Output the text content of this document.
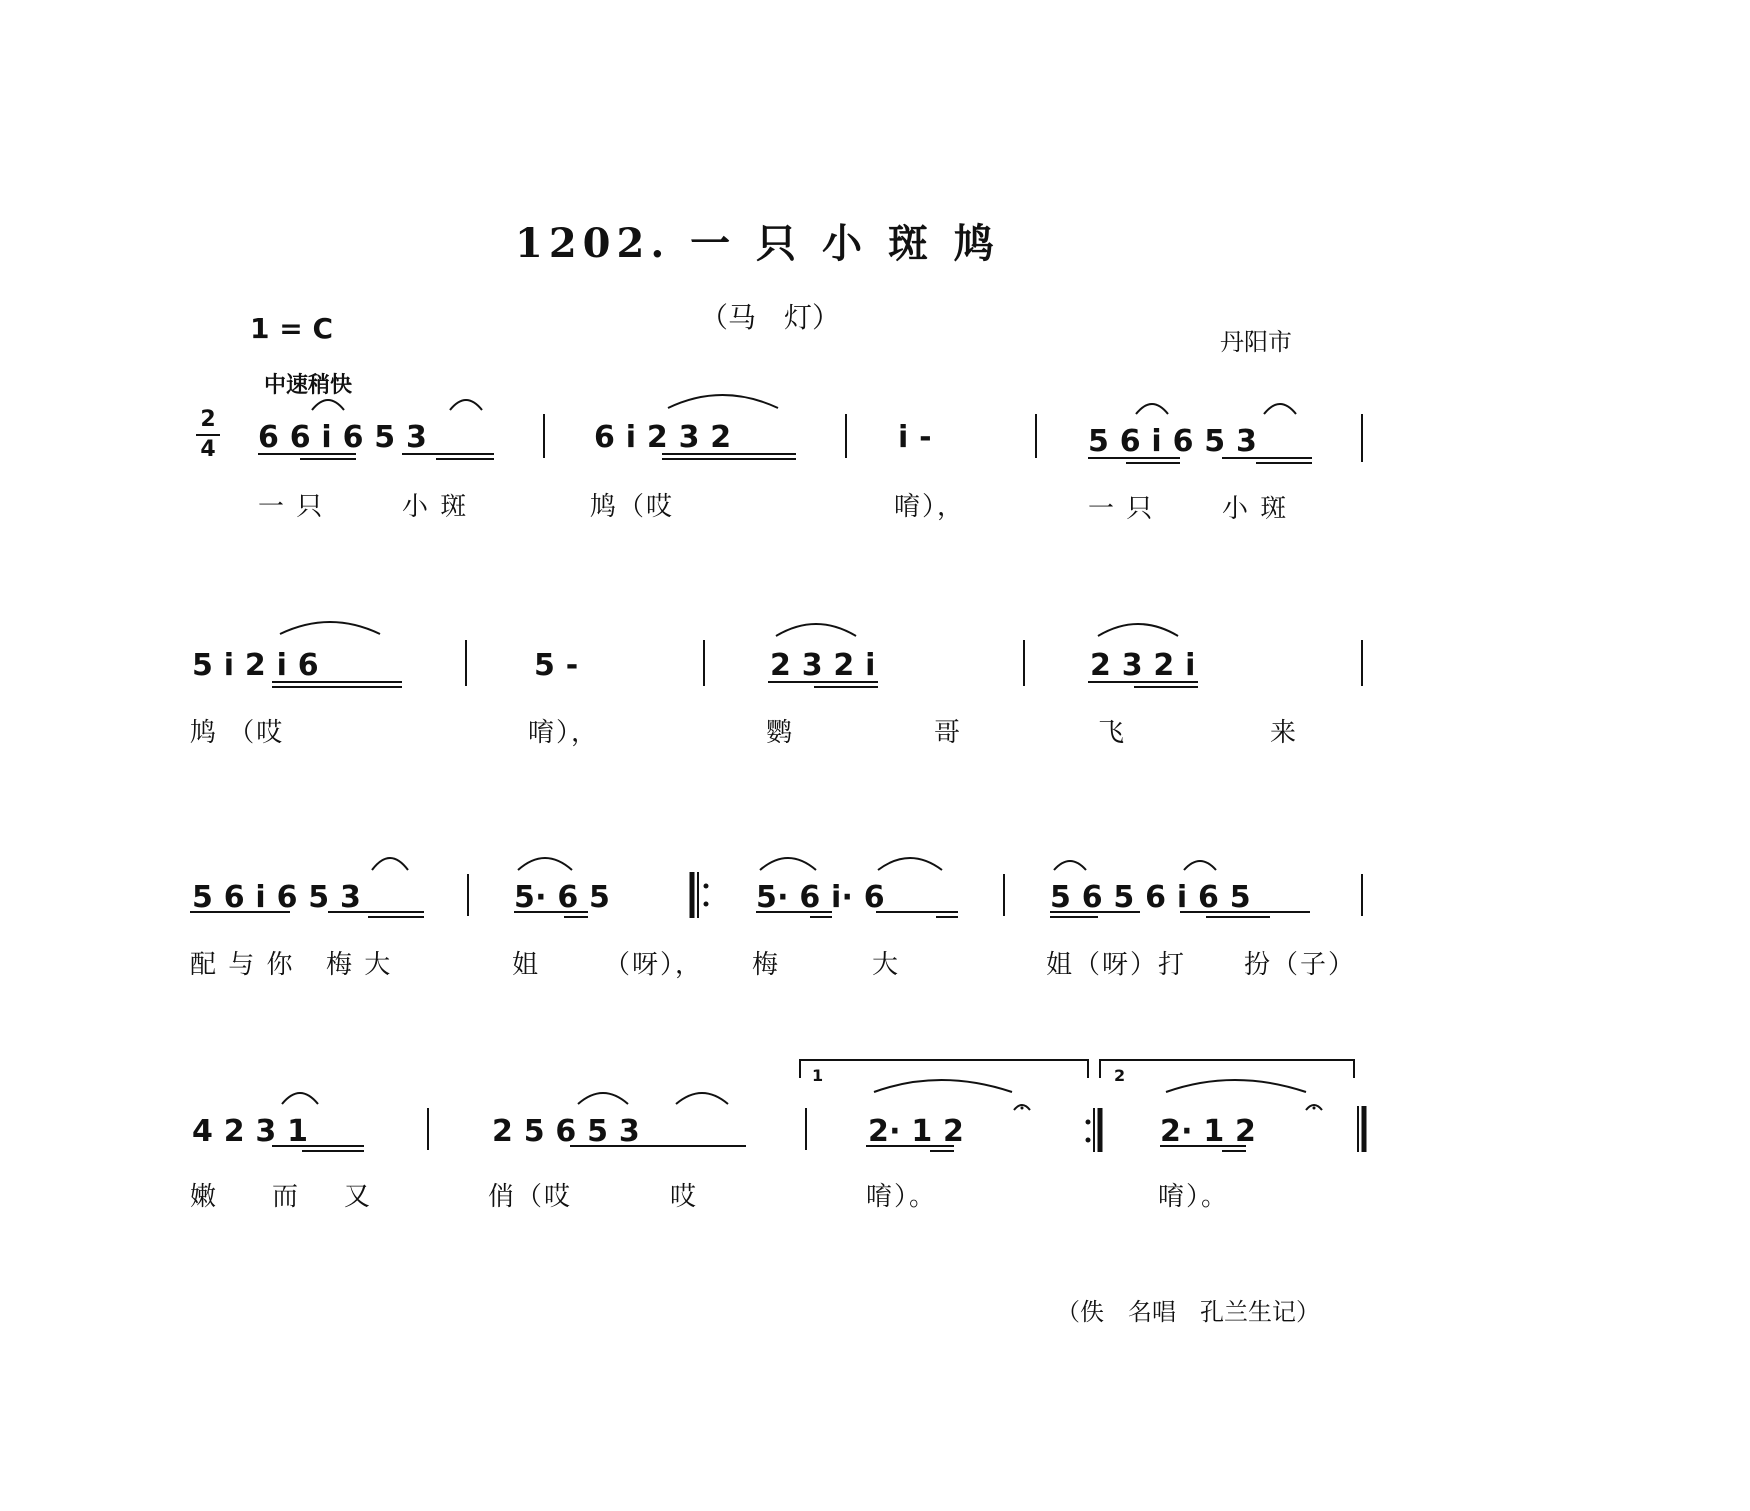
1202. 一 只 小 斑 鸠
（马　灯）
1 = C	丹阳市
中速稍快
2
4 6 6 i 6 5 3	6 i 2 3 2	i -	5 6 i 6 5 3
一 只	小 斑	鸠（哎	唷），	一 只	小 斑
5 i 2 i 6	5 -	2 3 2 i	2 3 2 i
鸠 （哎	唷），	鹦	哥	飞	来
5 6 i 6 5 3	5· 6 5	5· 6 i· 6	5 6 5 6 i 6 5
配 与 你 梅 大	姐 （呀）， 梅	大	姐（呀）打 扮（子）
4 2 3 1	2 5 6 5 3	2· 1 2	2· 1 2
1	2
嫩 而 又	俏（哎	哎	唷）。	唷）。
（佚　名唱　孔兰生记）
